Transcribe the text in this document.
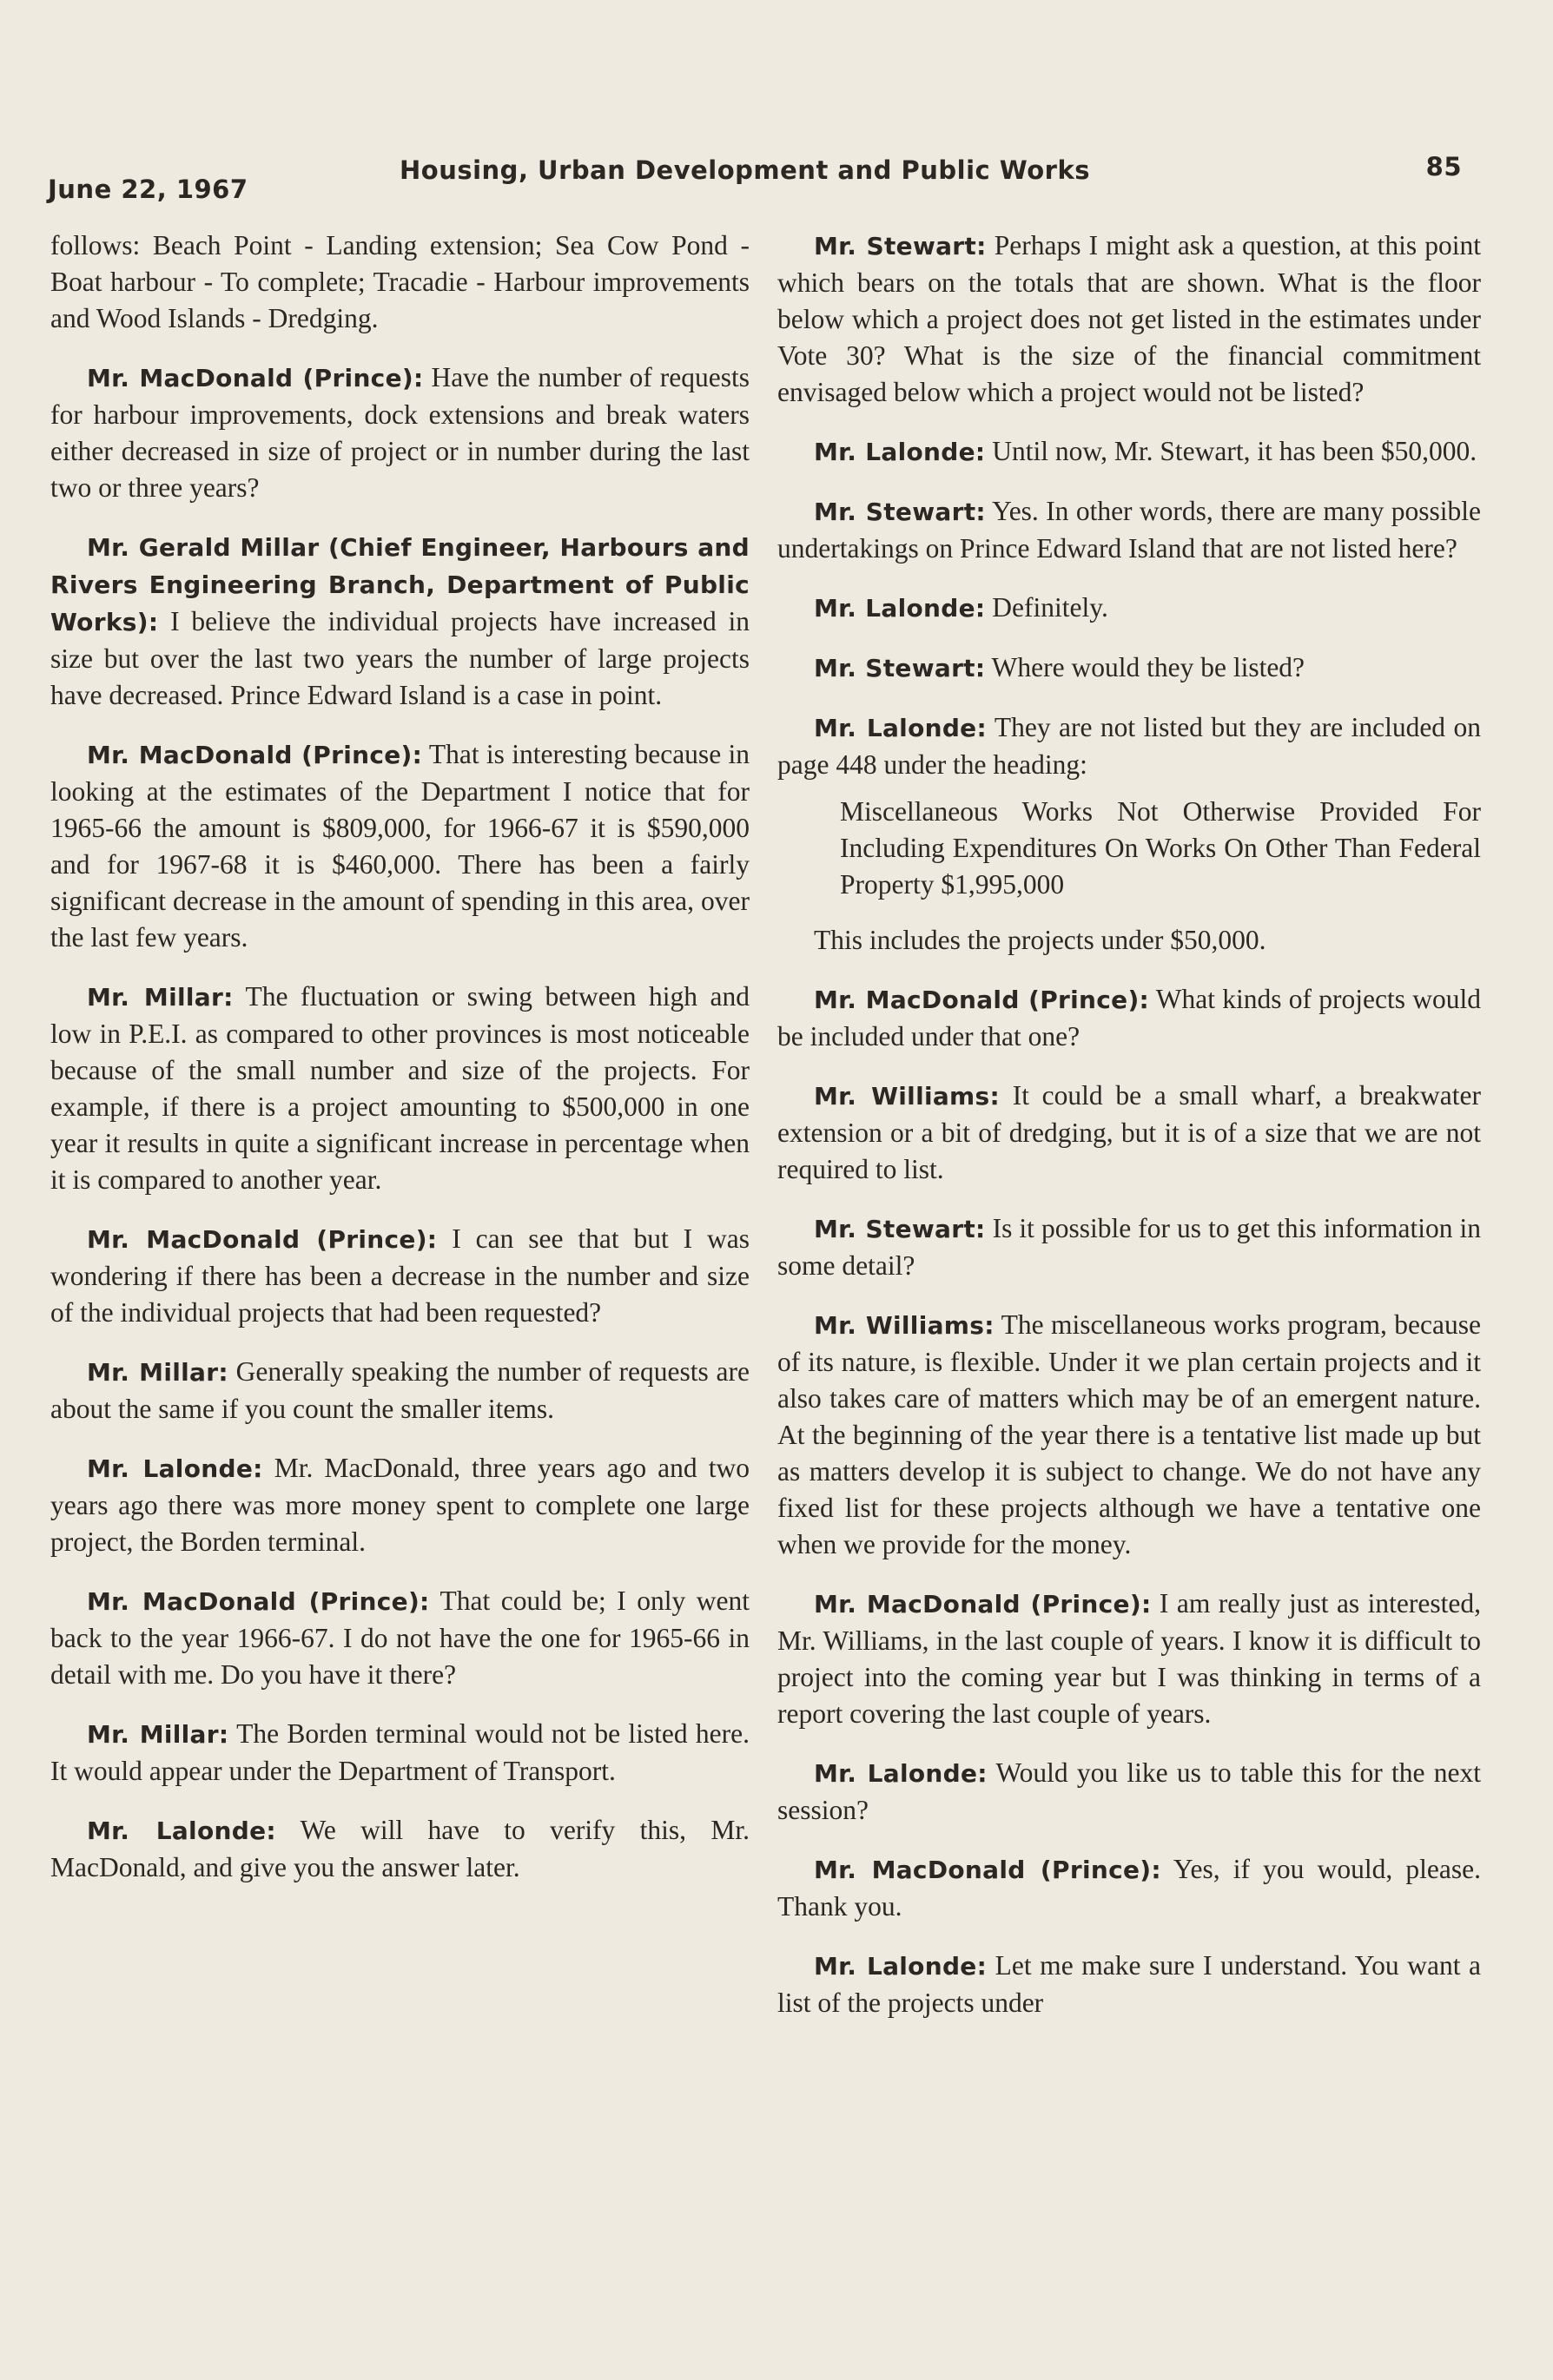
June 22, 1967
Housing, Urban Development and Public Works	85

follows: Beach Point - Landing extension; Sea Cow Pond - Boat harbour - To complete; Tracadie - Harbour improvements and Wood Islands - Dredging.

Mr. MacDonald (Prince): Have the number of requests for harbour improvements, dock extensions and break waters either decreased in size of project or in number during the last two or three years?

Mr. Gerald Millar (Chief Engineer, Harbours and Rivers Engineering Branch, Department of Public Works): I believe the individual projects have increased in size but over the last two years the number of large projects have decreased. Prince Edward Island is a case in point.

Mr. MacDonald (Prince): That is interesting because in looking at the estimates of the Department I notice that for 1965-66 the amount is $809,000, for 1966-67 it is $590,000 and for 1967-68 it is $460,000. There has been a fairly significant decrease in the amount of spending in this area, over the last few years.

Mr. Millar: The fluctuation or swing between high and low in P.E.I. as compared to other provinces is most noticeable because of the small number and size of the projects. For example, if there is a project amounting to $500,000 in one year it results in quite a significant increase in percentage when it is compared to another year.

Mr. MacDonald (Prince): I can see that but I was wondering if there has been a decrease in the number and size of the individual projects that had been requested?

Mr. Millar: Generally speaking the number of requests are about the same if you count the smaller items.

Mr. Lalonde: Mr. MacDonald, three years ago and two years ago there was more money spent to complete one large project, the Borden terminal.

Mr. MacDonald (Prince): That could be; I only went back to the year 1966-67. I do not have the one for 1965-66 in detail with me. Do you have it there?

Mr. Millar: The Borden terminal would not be listed here. It would appear under the Department of Transport.

Mr. Lalonde: We will have to verify this, Mr. MacDonald, and give you the answer later.

Mr. Stewart: Perhaps I might ask a question, at this point which bears on the totals that are shown. What is the floor below which a project does not get listed in the estimates under Vote 30? What is the size of the financial commitment envisaged below which a project would not be listed?

Mr. Lalonde: Until now, Mr. Stewart, it has been $50,000.

Mr. Stewart: Yes. In other words, there are many possible undertakings on Prince Edward Island that are not listed here?

Mr. Lalonde: Definitely.

Mr. Stewart: Where would they be listed?

Mr. Lalonde: They are not listed but they are included on page 448 under the heading:

Miscellaneous Works Not Otherwise Provided For Including Expenditures On Works On Other Than Federal Property $1,995,000

This includes the projects under $50,000.

Mr. MacDonald (Prince): What kinds of projects would be included under that one?

Mr. Williams: It could be a small wharf, a breakwater extension or a bit of dredging, but it is of a size that we are not required to list.

Mr. Stewart: Is it possible for us to get this information in some detail?

Mr. Williams: The miscellaneous works program, because of its nature, is flexible. Under it we plan certain projects and it also takes care of matters which may be of an emergent nature. At the beginning of the year there is a tentative list made up but as matters develop it is subject to change. We do not have any fixed list for these projects although we have a tentative one when we provide for the money.

Mr. MacDonald (Prince): I am really just as interested, Mr. Williams, in the last couple of years. I know it is difficult to project into the coming year but I was thinking in terms of a report covering the last couple of years.

Mr. Lalonde: Would you like us to table this for the next session?

Mr. MacDonald (Prince): Yes, if you would, please. Thank you.

Mr. Lalonde: Let me make sure I understand. You want a list of the projects under
